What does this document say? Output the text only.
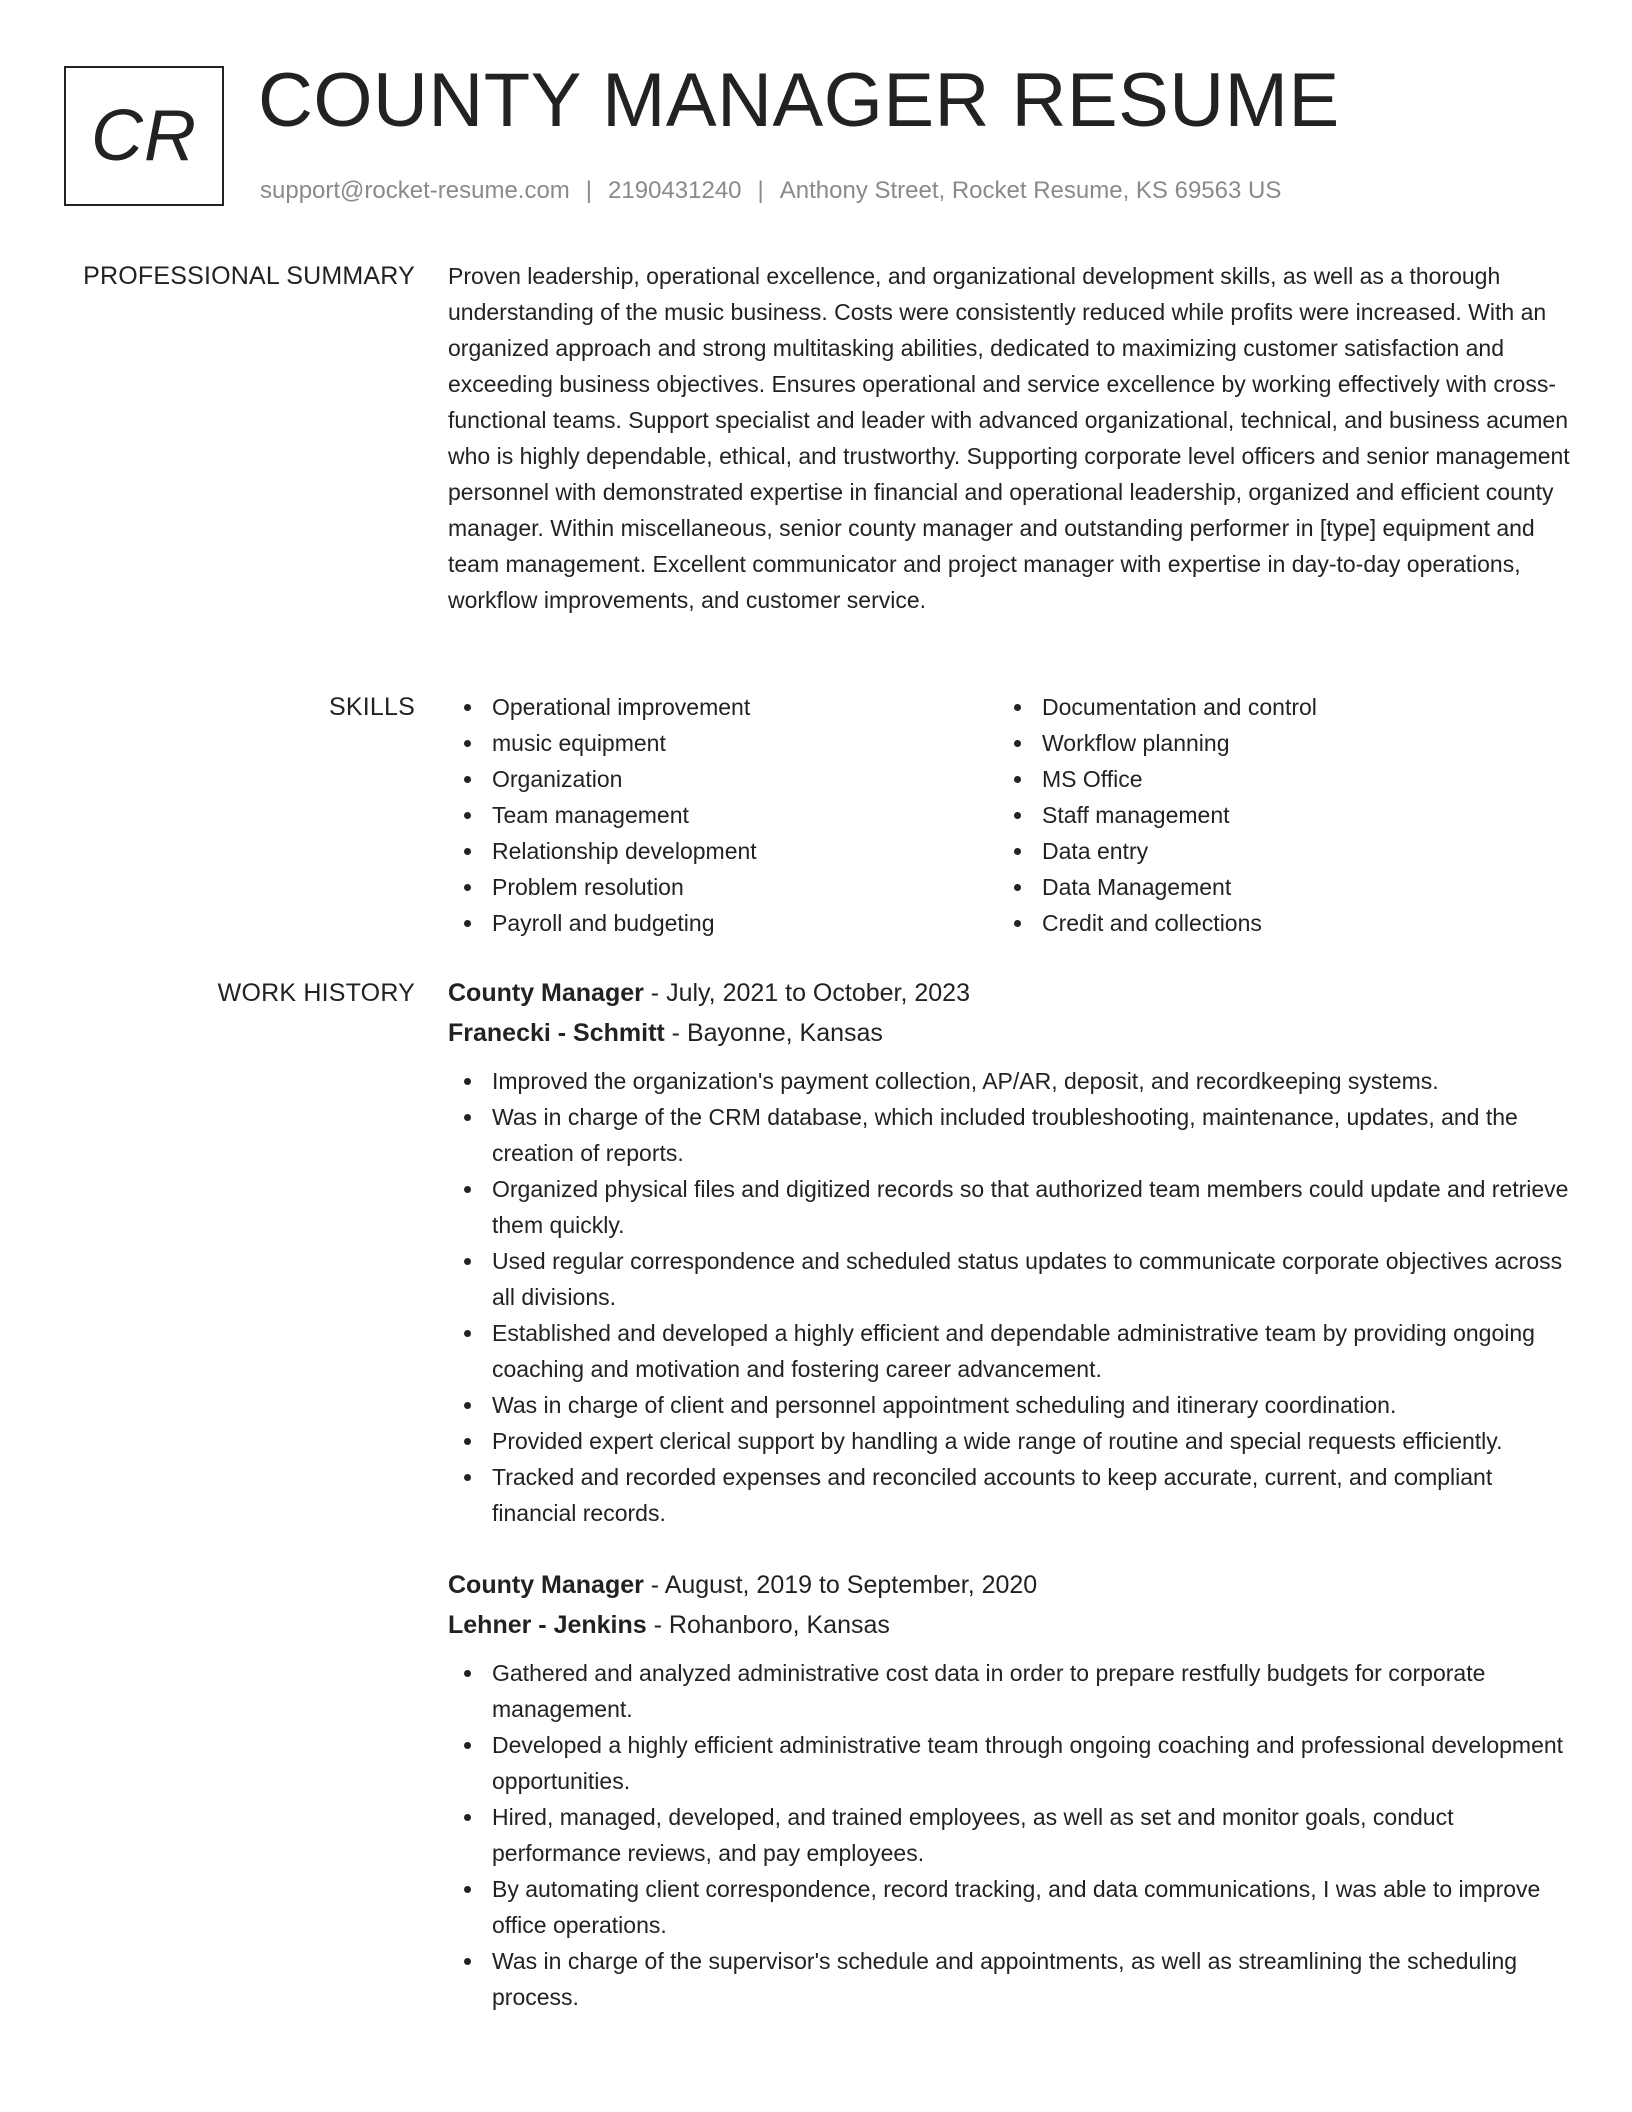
CR COUNTY MANAGER RESUME
support@rocket-resume.com | 2190431240 | Anthony Street, Rocket Resume, KS 69563 US
PROFESSIONAL SUMMARY Proven leadership, operational excellence, and organizational development skills, as well as a thorough understanding of the music business. Costs were consistently reduced while profits were increased. With an organized approach and strong multitasking abilities, dedicated to maximizing customer satisfaction and exceeding business objectives. Ensures operational and service excellence by working effectively with cross-functional teams. Support specialist and leader with advanced organizational, technical, and business acumen who is highly dependable, ethical, and trustworthy. Supporting corporate level officers and senior management personnel with demonstrated expertise in financial and operational leadership, organized and efficient county manager. Within miscellaneous, senior county manager and outstanding performer in [type] equipment and team management. Excellent communicator and project manager with expertise in day-to-day operations, workflow improvements, and customer service.

SKILLS	Operational improvement
music equipment
Organization
Team management
Relationship development
Problem resolution
Payroll and budgeting
Documentation and control
Workflow planning
MS Office
Staff management
Data entry
Data Management
Credit and collections
WORK HISTORY County Manager - July, 2021 to October, 2023
Franecki - Schmitt - Bayonne, Kansas
Improved the organization's payment collection, AP/AR, deposit, and recordkeeping systems.
Was in charge of the CRM database, which included troubleshooting, maintenance, updates, and the creation of reports.
Organized physical files and digitized records so that authorized team members could update and retrieve them quickly.
Used regular correspondence and scheduled status updates to communicate corporate objectives across all divisions.
Established and developed a highly efficient and dependable administrative team by providing ongoing coaching and motivation and fostering career advancement.
Was in charge of client and personnel appointment scheduling and itinerary coordination.
Provided expert clerical support by handling a wide range of routine and special requests efficiently.
Tracked and recorded expenses and reconciled accounts to keep accurate, current, and compliant financial records.
County Manager - August, 2019 to September, 2020
Lehner - Jenkins - Rohanboro, Kansas
Gathered and analyzed administrative cost data in order to prepare restfully budgets for corporate management.
Developed a highly efficient administrative team through ongoing coaching and professional development opportunities.
Hired, managed, developed, and trained employees, as well as set and monitor goals, conduct performance reviews, and pay employees.
By automating client correspondence, record tracking, and data communications, I was able to improve office operations.
Was in charge of the supervisor's schedule and appointments, as well as streamlining the scheduling process.
